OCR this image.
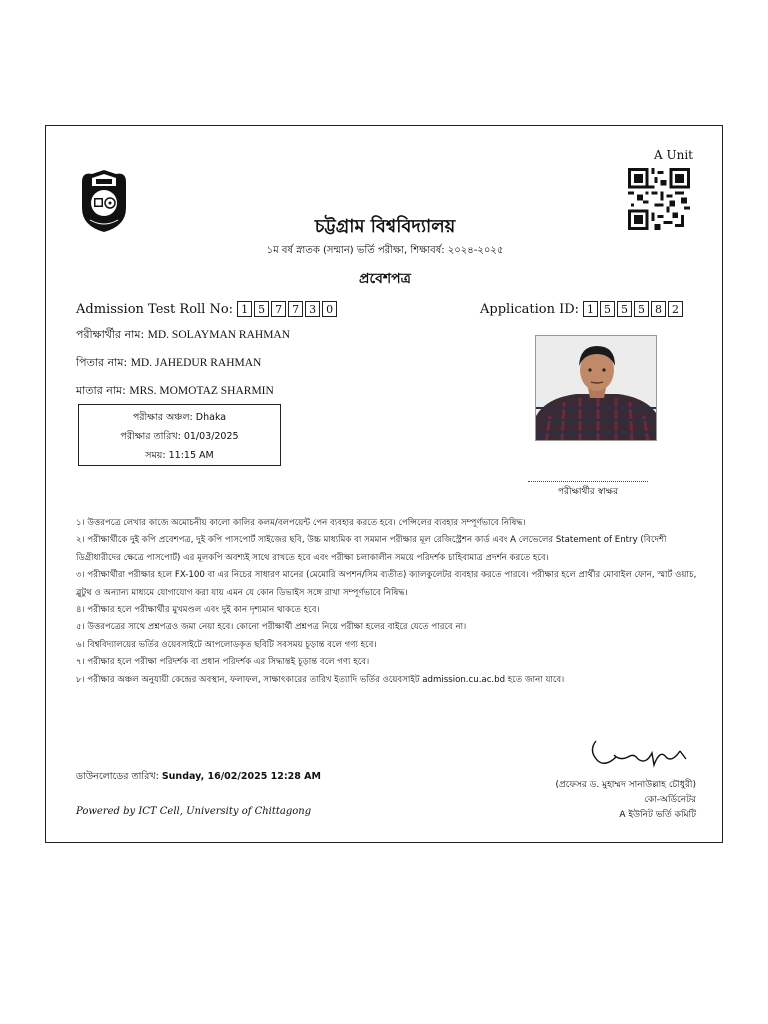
A Unit
চট্টগ্রাম বিশ্ববিদ্যালয়
১ম বর্ষ স্নাতক (সম্মান) ভর্তি পরীক্ষা, শিক্ষাবর্ষ: ২০২৪-২০২৫
প্রবেশপত্র
Admission Test Roll No: 1 5 7 7 3 0	Application ID: 1 5 5 5 8 2
পরীক্ষার্থীর নাম: MD. SOLAYMAN RAHMAN
পিতার নাম: MD. JAHEDUR RAHMAN
মাতার নাম: MRS. MOMOTAZ SHARMIN
পরীক্ষার অঞ্চল: Dhaka
পরীক্ষার তারিখ: 01/03/2025
সময়: 11:15 AM
পরীক্ষার্থীর স্বাক্ষর

১। উত্তরপত্রে লেখার কাজে অমোচনীয় কালো কালির কলম/বলপয়েন্ট পেন ব্যবহার করতে হবে। পেন্সিলের ব্যবহার সম্পূর্ণভাবে নিষিদ্ধ।

২। পরীক্ষার্থীকে দুই কপি প্রবেশপত্র, দুই কপি পাসপোর্ট সাইজের ছবি, উচ্চ মাধ্যমিক বা সমমান পরীক্ষার মূল রেজিস্ট্রেশন কার্ড এবং A লেভেলের Statement of Entry (বিদেশী ডিগ্রীধারীদের ক্ষেত্রে পাসপোর্ট) এর মূলকপি অবশ্যই সাথে রাখতে হবে এবং পরীক্ষা চলাকালীন সময়ে পরিদর্শক চাহিবামাত্র প্রদর্শন করতে হবে।

৩। পরীক্ষার্থীরা পরীক্ষার হলে FX-100 বা এর নিচের সাধারণ মানের (মেমোরি অপশন/সিম ব্যতীত) ক্যালকুলেটর ব্যবহার করতে পারবে। পরীক্ষার হলে প্রার্থীর মোবাইল ফোন, স্মার্ট ওয়াচ, ব্লুটুথ ও অন্যান্য মাধ্যমে যোগাযোগ করা যায় এমন যে কোন ডিভাইস সঙ্গে রাখা সম্পূর্ণভাবে নিষিদ্ধ।

৪। পরীক্ষার হলে পরীক্ষার্থীর মুখমণ্ডল এবং দুই কান দৃশ্যমান থাকতে হবে।

৫। উত্তরপত্রের সাথে প্রশ্নপত্রও জমা নেয়া হবে। কোনো পরীক্ষার্থী প্রশ্নপত্র নিয়ে পরীক্ষা হলের বাইরে যেতে পারবে না।

৬। বিশ্ববিদ্যালয়ের ভর্তির ওয়েবসাইটে আপলোডকৃত ছবিটি সবসময় চূড়ান্ত বলে গণ্য হবে।

৭। পরীক্ষার হলে পরীক্ষা পরিদর্শক বা প্রধান পরিদর্শক এর সিদ্ধান্তই চূড়ান্ত বলে গণ্য হবে।

৮। পরীক্ষার অঞ্চল অনুযায়ী কেন্দ্রের অবস্থান, ফলাফল, সাক্ষাৎকারের তারিখ ইত্যাদি ভর্তির ওয়েবসাইট admission.cu.ac.bd হতে জানা যাবে।

ডাউনলোডের তারিখ: Sunday, 16/02/2025 12:28 AM
Powered by ICT Cell, University of Chittagong
(প্রফেসর ড. মুহাম্মদ সানাউল্লাহ চৌধুরী)
কো-অর্ডিনেটর
A ইউনিট ভর্তি কমিটি
